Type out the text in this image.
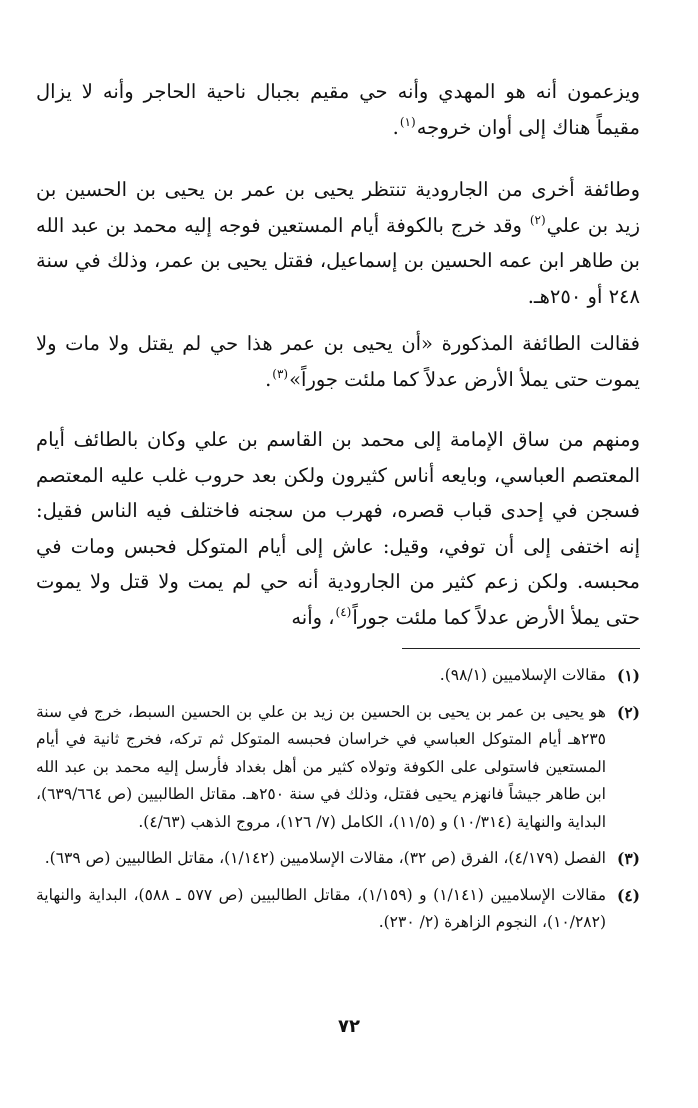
ويزعمون أنه هو المهدي وأنه حي مقيم بجبال ناحية الحاجر وأنه لا يزال مقيماً هناك إلى أوان خروجه$^{(١)}$.

وطائفة أخرى من الجارودية تنتظر يحيى بن عمر بن يحيى بن الحسين بن زيد بن علي$^{(٢)}$ وقد خرج بالكوفة أيام المستعين فوجه إليه محمد بن عبد الله بن طاهر ابن عمه الحسين بن إسماعيل، فقتل يحيى بن عمر، وذلك في سنة ٢٤٨ أو ٢٥٠هـ.

فقالت الطائفة المذكورة «أن يحيى بن عمر هذا حي لم يقتل ولا مات ولا يموت حتى يملأ الأرض عدلاً كما ملئت جوراً»$^{(٣)}$.

ومنهم من ساق الإمامة إلى محمد بن القاسم بن علي وكان بالطائف أيام المعتصم العباسي، وبايعه أناس كثيرون ولكن بعد حروب غلب عليه المعتصم فسجن في إحدى قباب قصره، فهرب من سجنه فاختلف فيه الناس فقيل: إنه اختفى إلى أن توفي، وقيل: عاش إلى أيام المتوكل فحبس ومات في محبسه. ولكن زعم كثير من الجارودية أنه حي لم يمت ولا قتل ولا يموت حتى يملأ الأرض عدلاً كما ملئت جوراً$^{(٤)}$، وأنه

(١)
مقالات الإسلاميين (٩٨/١).
(٢)
هو يحيى بن عمر بن يحيى بن الحسين بن زيد بن علي بن الحسين السبط، خرج في سنة ٢٣٥هـ أيام المتوكل العباسي في خراسان فحبسه المتوكل ثم تركه، فخرج ثانية في أيام المستعين فاستولى على الكوفة وتولاه كثير من أهل بغداد فأرسل إليه محمد بن عبد الله ابن طاهر جيشاً فانهزم يحيى فقتل، وذلك في سنة ٢٥٠هـ. مقاتل الطالبيين (ص ٦٣٩/٦٦٤)، البداية والنهاية (١٠/٣١٤) و (١١/٥)، الكامل (٧/ ١٢٦)، مروج الذهب (٤/٦٣).
(٣)
الفصل (٤/١٧٩)، الفرق (ص ٣٢)، مقالات الإسلاميين (١/١٤٢)، مقاتل الطالبيين (ص ٦٣٩).
(٤)
مقالات الإسلاميين (١/١٤١) و (١/١٥٩)، مقاتل الطالبيين (ص ٥٧٧ ـ ٥٨٨)، البداية والنهاية (١٠/٢٨٢)، النجوم الزاهرة (٢/ ٢٣٠).
٧٢
